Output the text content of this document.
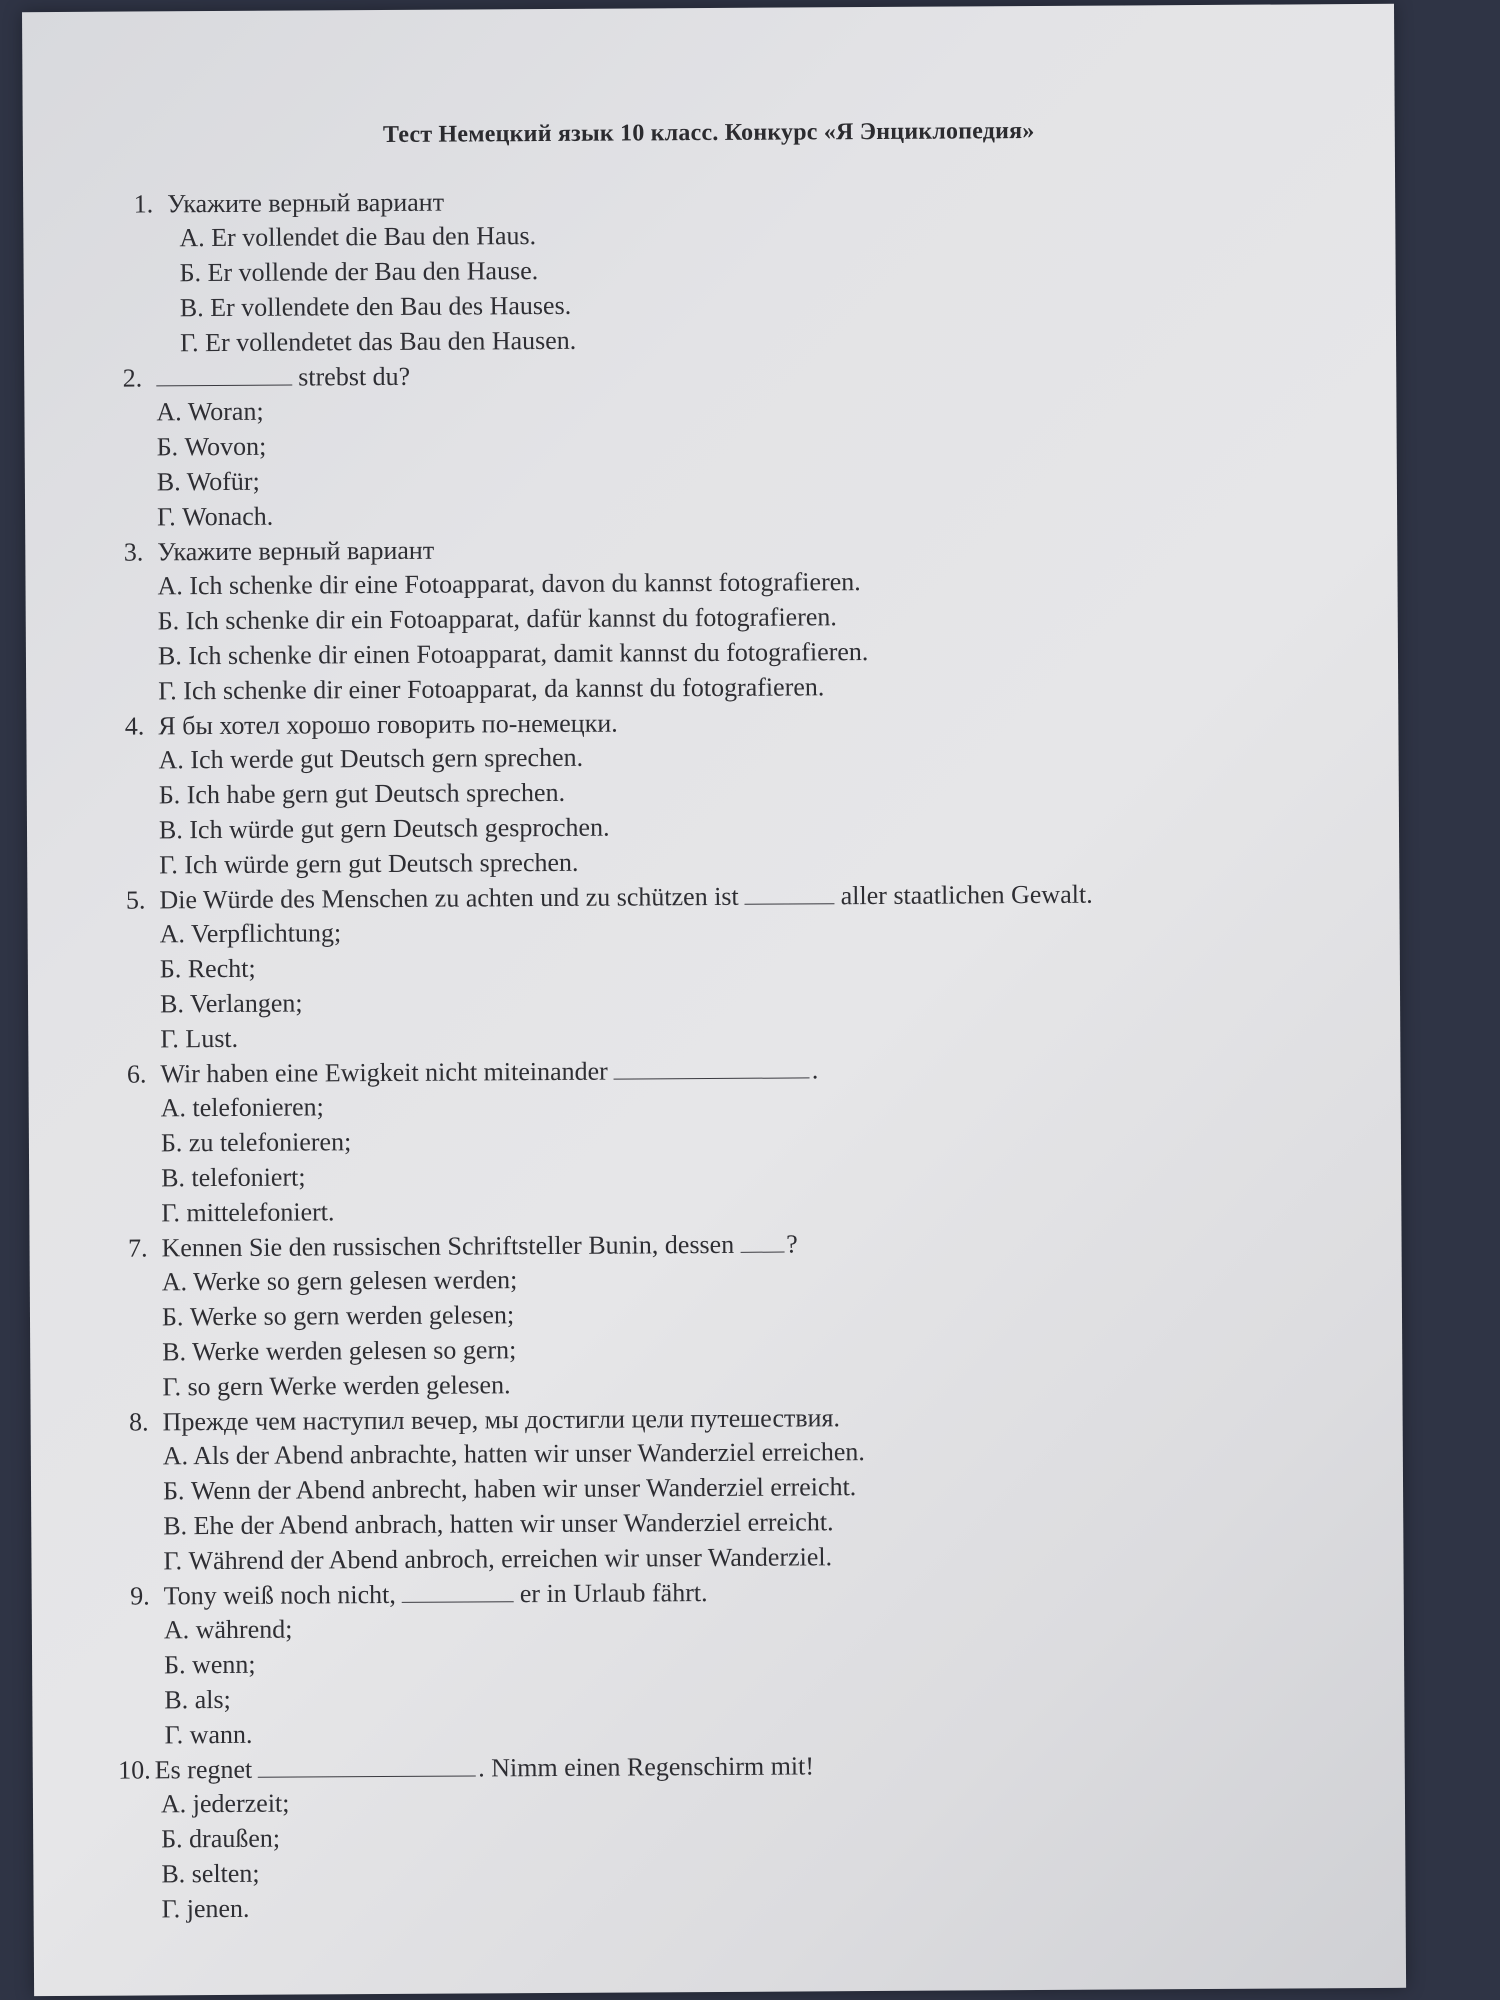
Тест Немецкий язык 10 класс. Конкурс «Я Энциклопедия»
1. Укажите верный вариант
A. Er vollendet die Bau den Haus.
Б. Er vollende der Bau den Hause.
B. Er vollendete den Bau des Hauses.
Г. Er vollendetet das Bau den Hausen.
2.	strebst du?
A. Woran;
Б. Wovon;
B. Wofür;
Г. Wonach.
3. Укажите верный вариант
A. Ich schenke dir eine Fotoapparat, davon du kannst fotografieren.
Б. Ich schenke dir ein Fotoapparat, dafür kannst du fotografieren.
B. Ich schenke dir einen Fotoapparat, damit kannst du fotografieren.
Г. Ich schenke dir einer Fotoapparat, da kannst du fotografieren.
4. Я бы хотел хорошо говорить по-немецки.
A. Ich werde gut Deutsch gern sprechen.
Б. Ich habe gern gut Deutsch sprechen.
B. Ich würde gut gern Deutsch gesprochen.
Г. Ich würde gern gut Deutsch sprechen.
5. Die Würde des Menschen zu achten und zu schützen ist	aller staatlichen Gewalt.
A. Verpflichtung;
Б. Recht;
B. Verlangen;
Г. Lust.
6. Wir haben eine Ewigkeit nicht miteinander	.
A. telefonieren;
Б. zu telefonieren;
B. telefoniert;
Г. mittelefoniert.
7. Kennen Sie den russischen Schriftsteller Bunin, dessen ?
A. Werke so gern gelesen werden;
Б. Werke so gern werden gelesen;
B. Werke werden gelesen so gern;
Г. so gern Werke werden gelesen.
8. Прежде чем наступил вечер, мы достигли цели путешествия.
A. Als der Abend anbrachte, hatten wir unser Wanderziel erreichen.
Б. Wenn der Abend anbrecht, haben wir unser Wanderziel erreicht.
B. Ehe der Abend anbrach, hatten wir unser Wanderziel erreicht.
Г. Während der Abend anbroch, erreichen wir unser Wanderziel.
9. Tony weiß noch nicht,	er in Urlaub fährt.
A. während;
Б. wenn;
B. als;
Г. wann.
10. Es regnet	. Nimm einen Regenschirm mit!
A. jederzeit;
Б. draußen;
B. selten;
Г. jenen.
